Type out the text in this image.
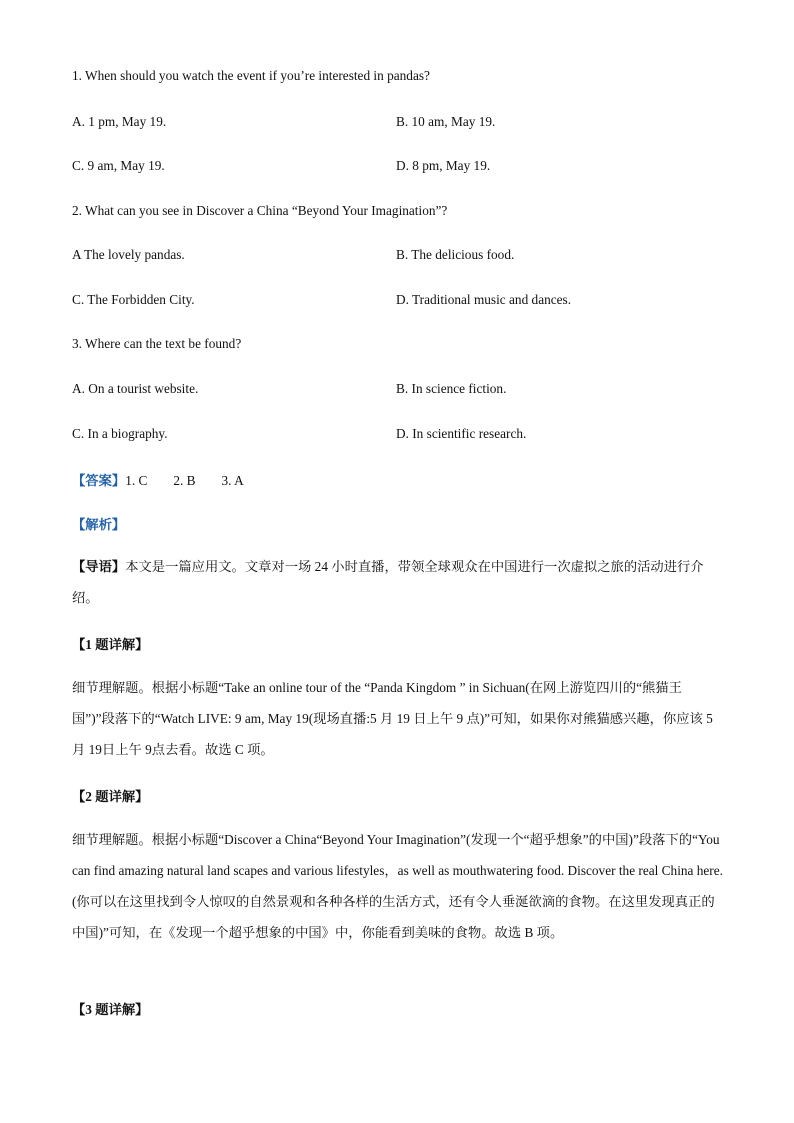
1. When should you watch the event if you’re interested in pandas?
A. 1 pm, May 19.	B. 10 am, May 19.
C. 9 am, May 19.	D. 8 pm, May 19.
2. What can you see in Discover a China “Beyond Your Imagination”?
A The lovely pandas.	B. The delicious food.
C. The Forbidden City.	D. Traditional music and dances.
3. Where can the text be found?
A. On a tourist website.	B. In science fiction.
C. In a biography.	D. In scientific research.
【答案】1. C 2. B 3. A
【解析】
【导语】本文是一篇应用文。文章对一场 24 小时直播，带领全球观众在中国进行一次虚拟之旅的活动进行介绍。
【1 题详解】
细节理解题。根据小标题“Take an online tour of the “Panda Kingdom ” in Sichuan(在网上游览四川的“熊猫王国”)”段落下的“Watch LIVE: 9 am, May 19(现场直播:5 月 19 日上午 9 点)”可知，如果你对熊猫感兴趣，你应该 5 月 19日上午 9点去看。故选 C 项。
【2 题详解】
细节理解题。根据小标题“Discover a China“Beyond Your Imagination”(发现一个“超乎想象”的中国)”段落下的“You can find amazing natural land scapes and various lifestyles，as well as mouthwatering food. Discover the real China here.(你可以在这里找到令人惊叹的自然景观和各种各样的生活方式，还有令人垂涎欲滴的食物。在这里发现真正的中国)”可知，在《发现一个超乎想象的中国》中，你能看到美味的食物。故选 B 项。
【3 题详解】
